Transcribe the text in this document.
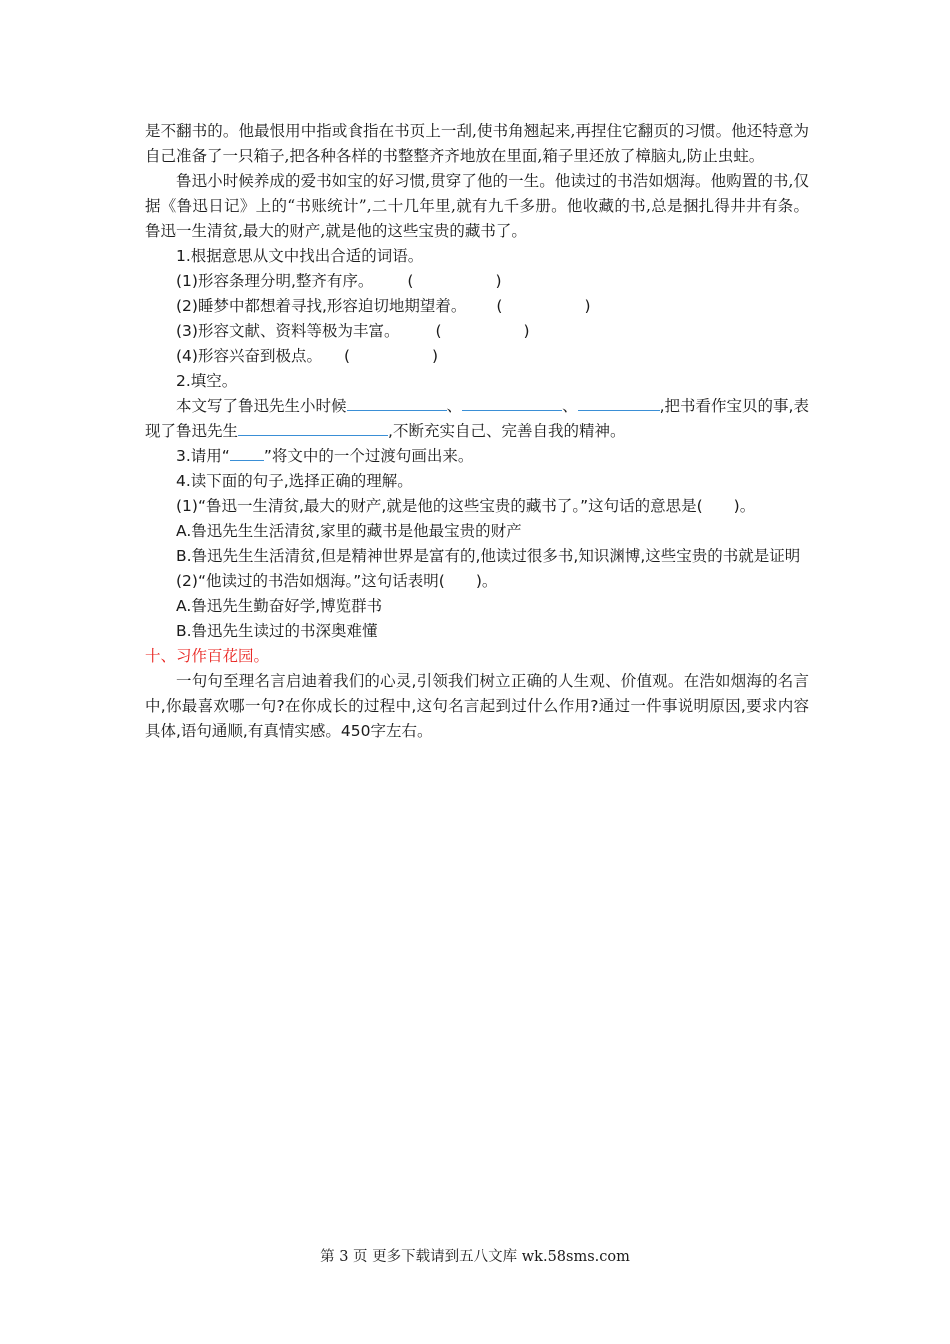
是不翻书的。他最恨用中指或食指在书页上一刮,使书角翘起来,再捏住它翻页的习惯。他还特意为自己准备了一只箱子,把各种各样的书整整齐齐地放在里面,箱子里还放了樟脑丸,防止虫蛀。

鲁迅小时候养成的爱书如宝的好习惯,贯穿了他的一生。他读过的书浩如烟海。他购置的书,仅据《鲁迅日记》上的“书账统计”,二十几年里,就有九千多册。他收藏的书,总是捆扎得井井有条。鲁迅一生清贫,最大的财产,就是他的这些宝贵的藏书了。

1.根据意思从文中找出合适的词语。

(1)形容条理分明,整齐有序。 (	)

(2)睡梦中都想着寻找,形容迫切地期望着。 (	)

(3)形容文献、资料等极为丰富。 (	)

(4)形容兴奋到极点。 (	)

2.填空。

本文写了鲁迅先生小时候	、	、	,把书看作宝贝的事,表现了鲁迅先生	,不断充实自己、完善自我的精神。

3.请用“ ”将文中的一个过渡句画出来。

4.读下面的句子,选择正确的理解。

(1)“鲁迅一生清贫,最大的财产,就是他的这些宝贵的藏书了。”这句话的意思是(  )。

A.鲁迅先生生活清贫,家里的藏书是他最宝贵的财产

B.鲁迅先生生活清贫,但是精神世界是富有的,他读过很多书,知识渊博,这些宝贵的书就是证明

(2)“他读过的书浩如烟海。”这句话表明(  )。

A.鲁迅先生勤奋好学,博览群书

B.鲁迅先生读过的书深奥难懂

十、习作百花园。

一句句至理名言启迪着我们的心灵,引领我们树立正确的人生观、价值观。在浩如烟海的名言中,你最喜欢哪一句?在你成长的过程中,这句名言起到过什么作用?通过一件事说明原因,要求内容具体,语句通顺,有真情实感。450字左右。

第 3 页 更多下载请到五八文库 wk.58sms.com
